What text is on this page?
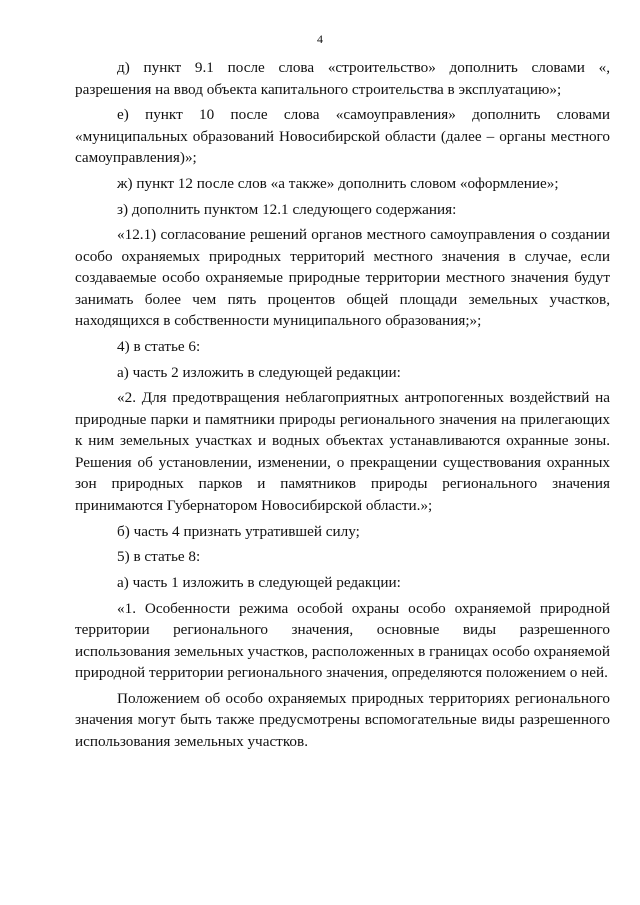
4

д) пункт 9.1 после слова «строительство» дополнить словами «, разрешения на ввод объекта капитального строительства в эксплуатацию»;

е) пункт 10 после слова «самоуправления» дополнить словами «муниципальных образований Новосибирской области (далее – органы местного самоуправления)»;

ж) пункт 12 после слов «а также» дополнить словом «оформление»;

з) дополнить пунктом 12.1 следующего содержания:

«12.1) согласование решений органов местного самоуправления о создании особо охраняемых природных территорий местного значения в случае, если создаваемые особо охраняемые природные территории местного значения будут занимать более чем пять процентов общей площади земельных участков, находящихся в собственности муниципального образования;»;

4) в статье 6:

а) часть 2 изложить в следующей редакции:

«2. Для предотвращения неблагоприятных антропогенных воздействий на природные парки и памятники природы регионального значения на прилегающих к ним земельных участках и водных объектах устанавливаются охранные зоны. Решения об установлении, изменении, о прекращении существования охранных зон природных парков и памятников природы регионального значения принимаются Губернатором Новосибирской области.»;

б) часть 4 признать утратившей силу;

5) в статье 8:

а) часть 1 изложить в следующей редакции:

«1. Особенности режима особой охраны особо охраняемой природной территории регионального значения, основные виды разрешенного использования земельных участков, расположенных в границах особо охраняемой природной территории регионального значения, определяются положением о ней.

Положением об особо охраняемых природных территориях регионального значения могут быть также предусмотрены вспомогательные виды разрешенного использования земельных участков.
